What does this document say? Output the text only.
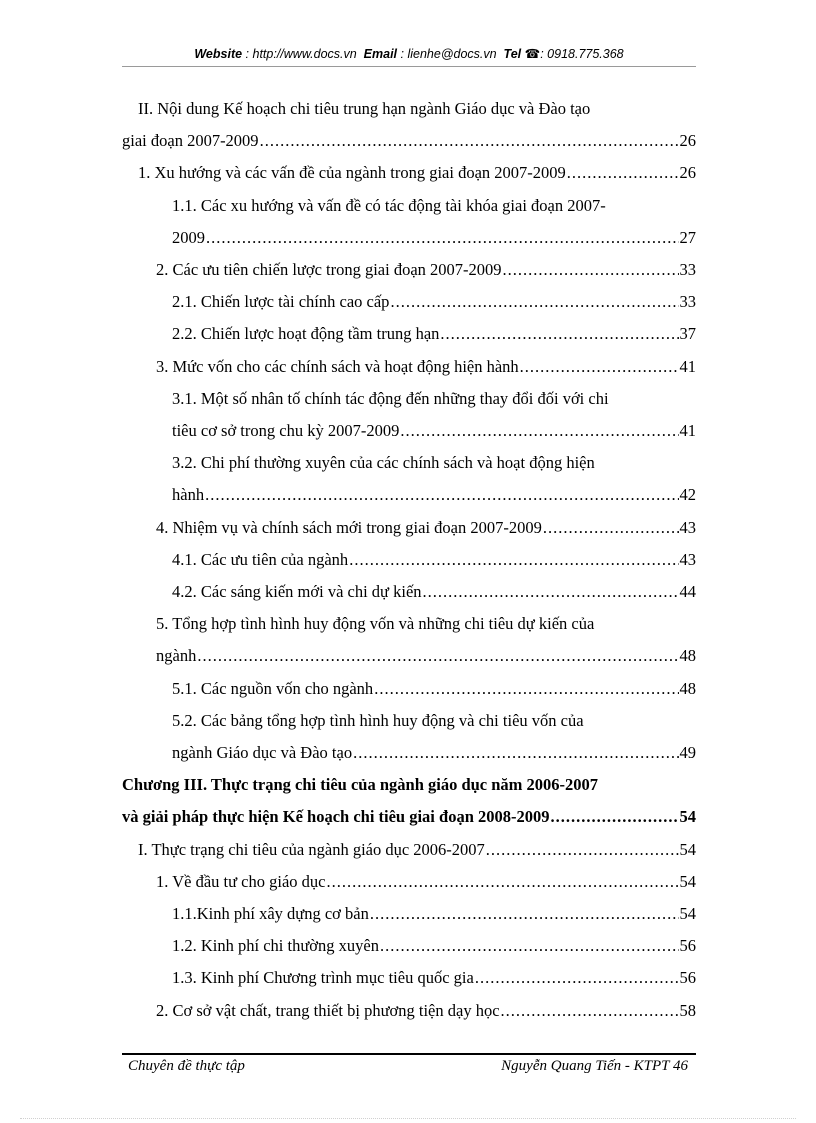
Website : http://www.docs.vn Email : lienhe@docs.vn Tel ☎: 0918.775.368
II. Nội dung Kế hoạch chi tiêu trung hạn ngành Giáo dục và Đào tạo
giai đoạn 2007-2009 .....	26
1. Xu hướng và các vấn đề của ngành trong giai đoạn 2007-2009 .....	26
1.1. Các xu hướng và vấn đề có tác động tài khóa giai đoạn 2007-
2009 .....	27
2. Các ưu tiên chiến lược trong giai đoạn 2007-2009 .....	33
2.1. Chiến lược tài chính cao cấp .....	33
2.2. Chiến lược hoạt động tầm trung hạn .....	37
3. Mức vốn cho các chính sách và hoạt động hiện hành .....	41
3.1. Một số nhân tố chính tác động đến những thay đổi đối với chi
tiêu cơ sở trong chu kỳ 2007-2009 .....	41
3.2. Chi phí thường xuyên của các chính sách và hoạt động hiện
hành .....	42
4. Nhiệm vụ và chính sách mới trong giai đoạn 2007-2009 .....	43
4.1. Các ưu tiên của ngành .....	43
4.2. Các sáng kiến mới và chi dự kiến .....	44
5. Tổng hợp tình hình huy động vốn và những chi tiêu dự kiến của
ngành .....	48
5.1. Các nguồn vốn cho ngành .....	48
5.2. Các bảng tổng hợp tình hình huy động và chi tiêu vốn của
ngành Giáo dục và Đào tạo .....	49
Chương III. Thực trạng chi tiêu của ngành giáo dục năm 2006-2007
và giải pháp thực hiện Kế hoạch chi tiêu giai đoạn 2008-2009 .....	54
I. Thực trạng chi tiêu của ngành giáo dục 2006-2007 .....	54
1. Về đầu tư cho giáo dục .....	54
1.1.Kinh phí xây dựng cơ bản .....	54
1.2. Kinh phí chi thường xuyên .....	56
1.3. Kinh phí Chương trình mục tiêu quốc gia .....	56
2. Cơ sở vật chất, trang thiết bị phương tiện dạy học .....	58
Chuyên đề thực tập	Nguyễn Quang Tiến - KTPT 46
